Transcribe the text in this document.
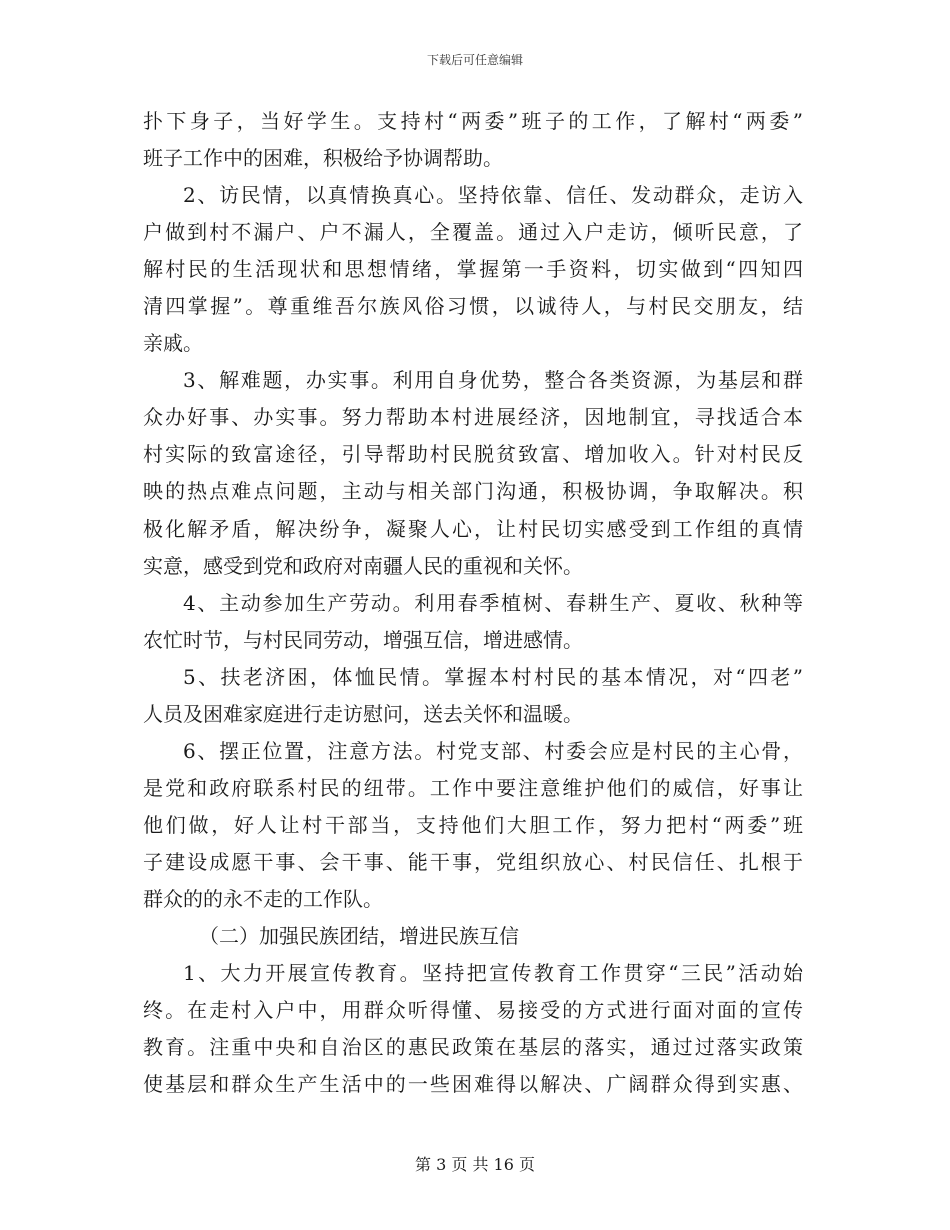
下载后可任意编辑
扑下身子，当好学生。支持村“两委”班子的工作，了解村“两委”
班子工作中的困难，积极给予协调帮助。
2、访民情，以真情换真心。坚持依靠、信任、发动群众，走访入
户做到村不漏户、户不漏人，全覆盖。通过入户走访，倾听民意，了
解村民的生活现状和思想情绪，掌握第一手资料，切实做到“四知四
清四掌握”。尊重维吾尔族风俗习惯，以诚待人，与村民交朋友，结
亲戚。
3、解难题，办实事。利用自身优势，整合各类资源，为基层和群
众办好事、办实事。努力帮助本村进展经济，因地制宜，寻找适合本
村实际的致富途径，引导帮助村民脱贫致富、增加收入。针对村民反
映的热点难点问题，主动与相关部门沟通，积极协调，争取解决。积
极化解矛盾，解决纷争，凝聚人心，让村民切实感受到工作组的真情
实意，感受到党和政府对南疆人民的重视和关怀。
4、主动参加生产劳动。利用春季植树、春耕生产、夏收、秋种等
农忙时节，与村民同劳动，增强互信，增进感情。
5、扶老济困，体恤民情。掌握本村村民的基本情况，对“四老”
人员及困难家庭进行走访慰问，送去关怀和温暖。
6、摆正位置，注意方法。村党支部、村委会应是村民的主心骨，
是党和政府联系村民的纽带。工作中要注意维护他们的威信，好事让
他们做，好人让村干部当，支持他们大胆工作，努力把村“两委”班
子建设成愿干事、会干事、能干事，党组织放心、村民信任、扎根于
群众的的永不走的工作队。
（二）加强民族团结，增进民族互信
1、大力开展宣传教育。坚持把宣传教育工作贯穿“三民”活动始
终。在走村入户中，用群众听得懂、易接受的方式进行面对面的宣传
教育。注重中央和自治区的惠民政策在基层的落实，通过过落实政策
使基层和群众生产生活中的一些困难得以解决、广阔群众得到实惠、
第 3 页 共 16 页
